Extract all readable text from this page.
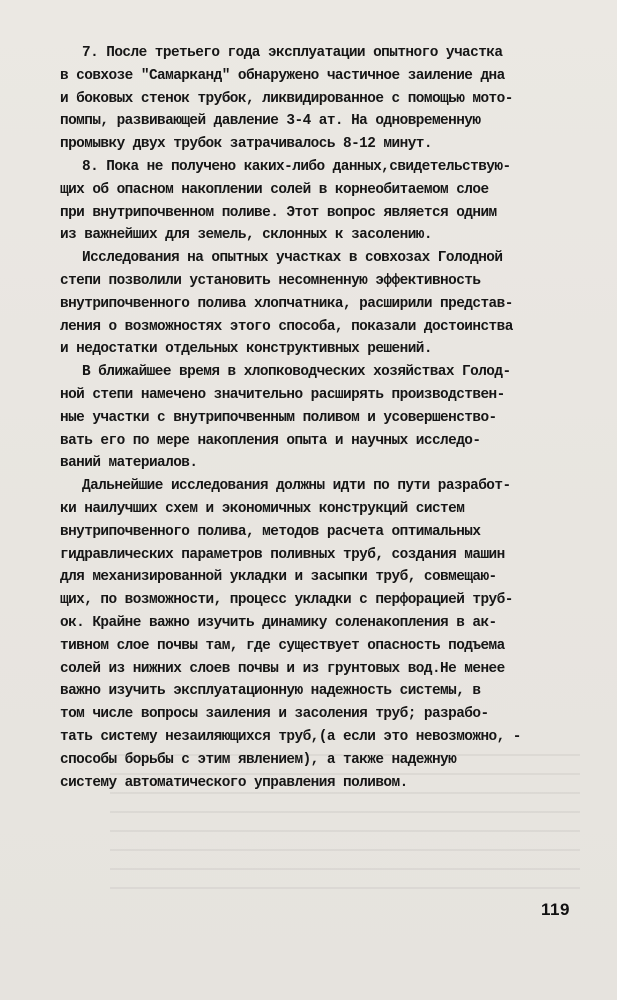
7. После третьего года эксплуатации опытного участка
в совхозе "Самарканд" обнаружено частичное заиление дна
и боковых стенок трубок, ликвидированное с помощью мото-
помпы, развивающей давление 3-4 ат. На одновременную
промывку двух трубок затрачивалось 8-12 минут.
8. Пока не получено каких-либо данных,свидетельствую-
щих об опасном накоплении солей в корнеобитаемом слое
при внутрипочвенном поливе. Этот вопрос является одним
из важнейших для земель, склонных к засолению.
Исследования на опытных участках в совхозах Голодной
степи позволили установить несомненную эффективность
внутрипочвенного полива хлопчатника, расширили представ-
ления о возможностях этого способа, показали достоинства
и недостатки отдельных конструктивных решений.
В ближайшее время в хлопководческих хозяйствах Голод-
ной степи намечено значительно расширять производствен-
ные участки с внутрипочвенным поливом и усовершенство-
вать его по мере накопления опыта и научных исследо-
ваний материалов.
Дальнейшие исследования должны идти по пути разработ-
ки наилучших схем и экономичных конструкций систем
внутрипочвенного полива, методов расчета оптимальных
гидравлических параметров поливных труб, создания машин
для механизированной укладки и засыпки труб, совмещаю-
щих, по возможности, процесс укладки с перфорацией труб-
ок. Крайне важно изучить динамику соленакопления в ак-
тивном слое почвы там, где существует опасность подъема
солей из нижних слоев почвы и из грунтовых вод.Не менее
важно изучить эксплуатационную надежность системы, в
том числе вопросы заиления и засоления труб; разрабо-
тать систему незаиляющихся труб,(а если это невозможно, -
способы борьбы с этим явлением), а также надежную
систему автоматического управления поливом.
119
